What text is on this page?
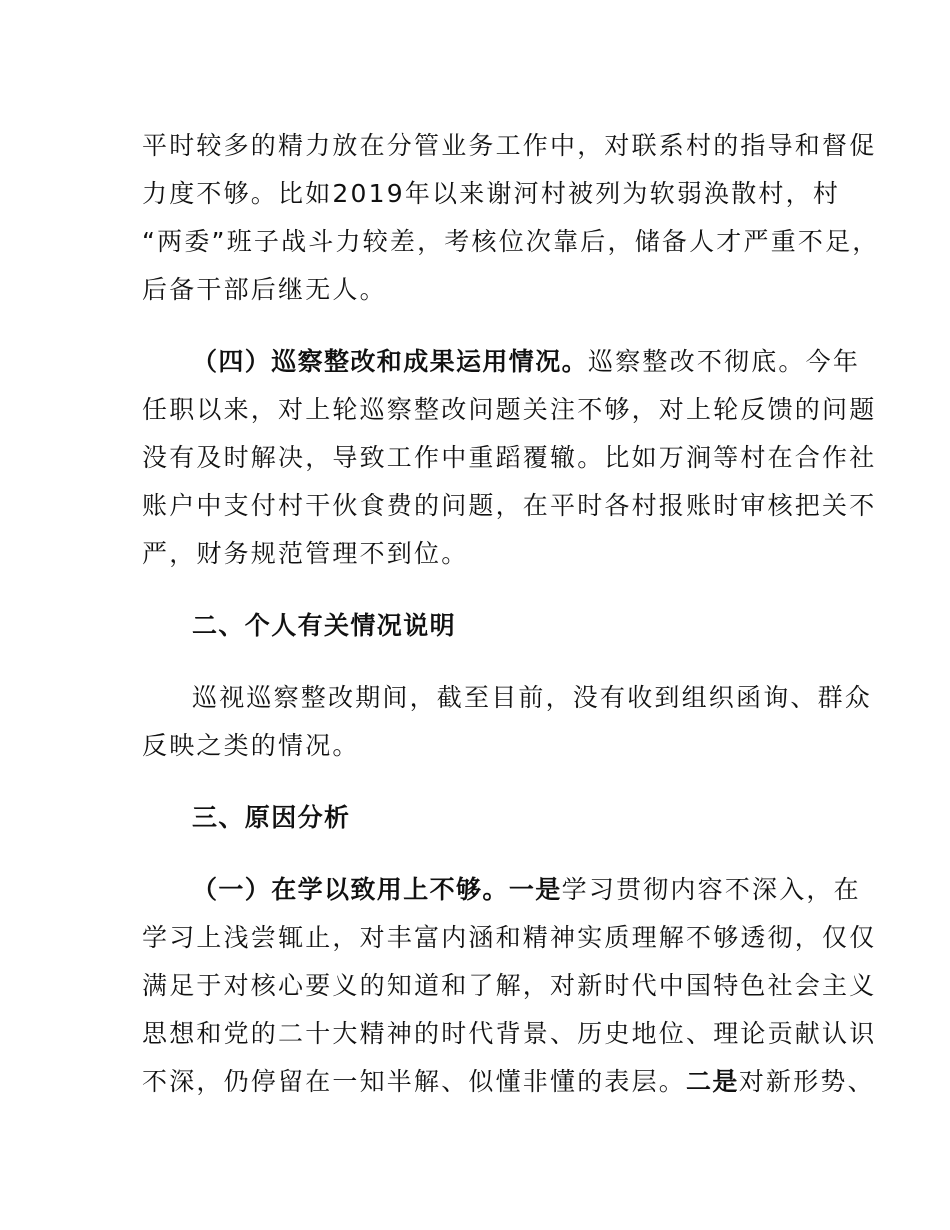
平时较多的精力放在分管业务工作中，对联系村的指导和督促
力度不够。比如2019年以来谢河村被列为软弱涣散村，村
“两委”班子战斗力较差，考核位次靠后，储备人才严重不足，
后备干部后继无人。
（四）巡察整改和成果运用情况。巡察整改不彻底。今年
任职以来，对上轮巡察整改问题关注不够，对上轮反馈的问题
没有及时解决，导致工作中重蹈覆辙。比如万涧等村在合作社
账户中支付村干伙食费的问题，在平时各村报账时审核把关不
严，财务规范管理不到位。
二、个人有关情况说明
巡视巡察整改期间，截至目前，没有收到组织函询、群众
反映之类的情况。
三、原因分析
（一）在学以致用上不够。一是学习贯彻内容不深入，在
学习上浅尝辄止，对丰富内涵和精神实质理解不够透彻，仅仅
满足于对核心要义的知道和了解，对新时代中国特色社会主义
思想和党的二十大精神的时代背景、历史地位、理论贡献认识
不深，仍停留在一知半解、似懂非懂的表层。二是对新形势、
